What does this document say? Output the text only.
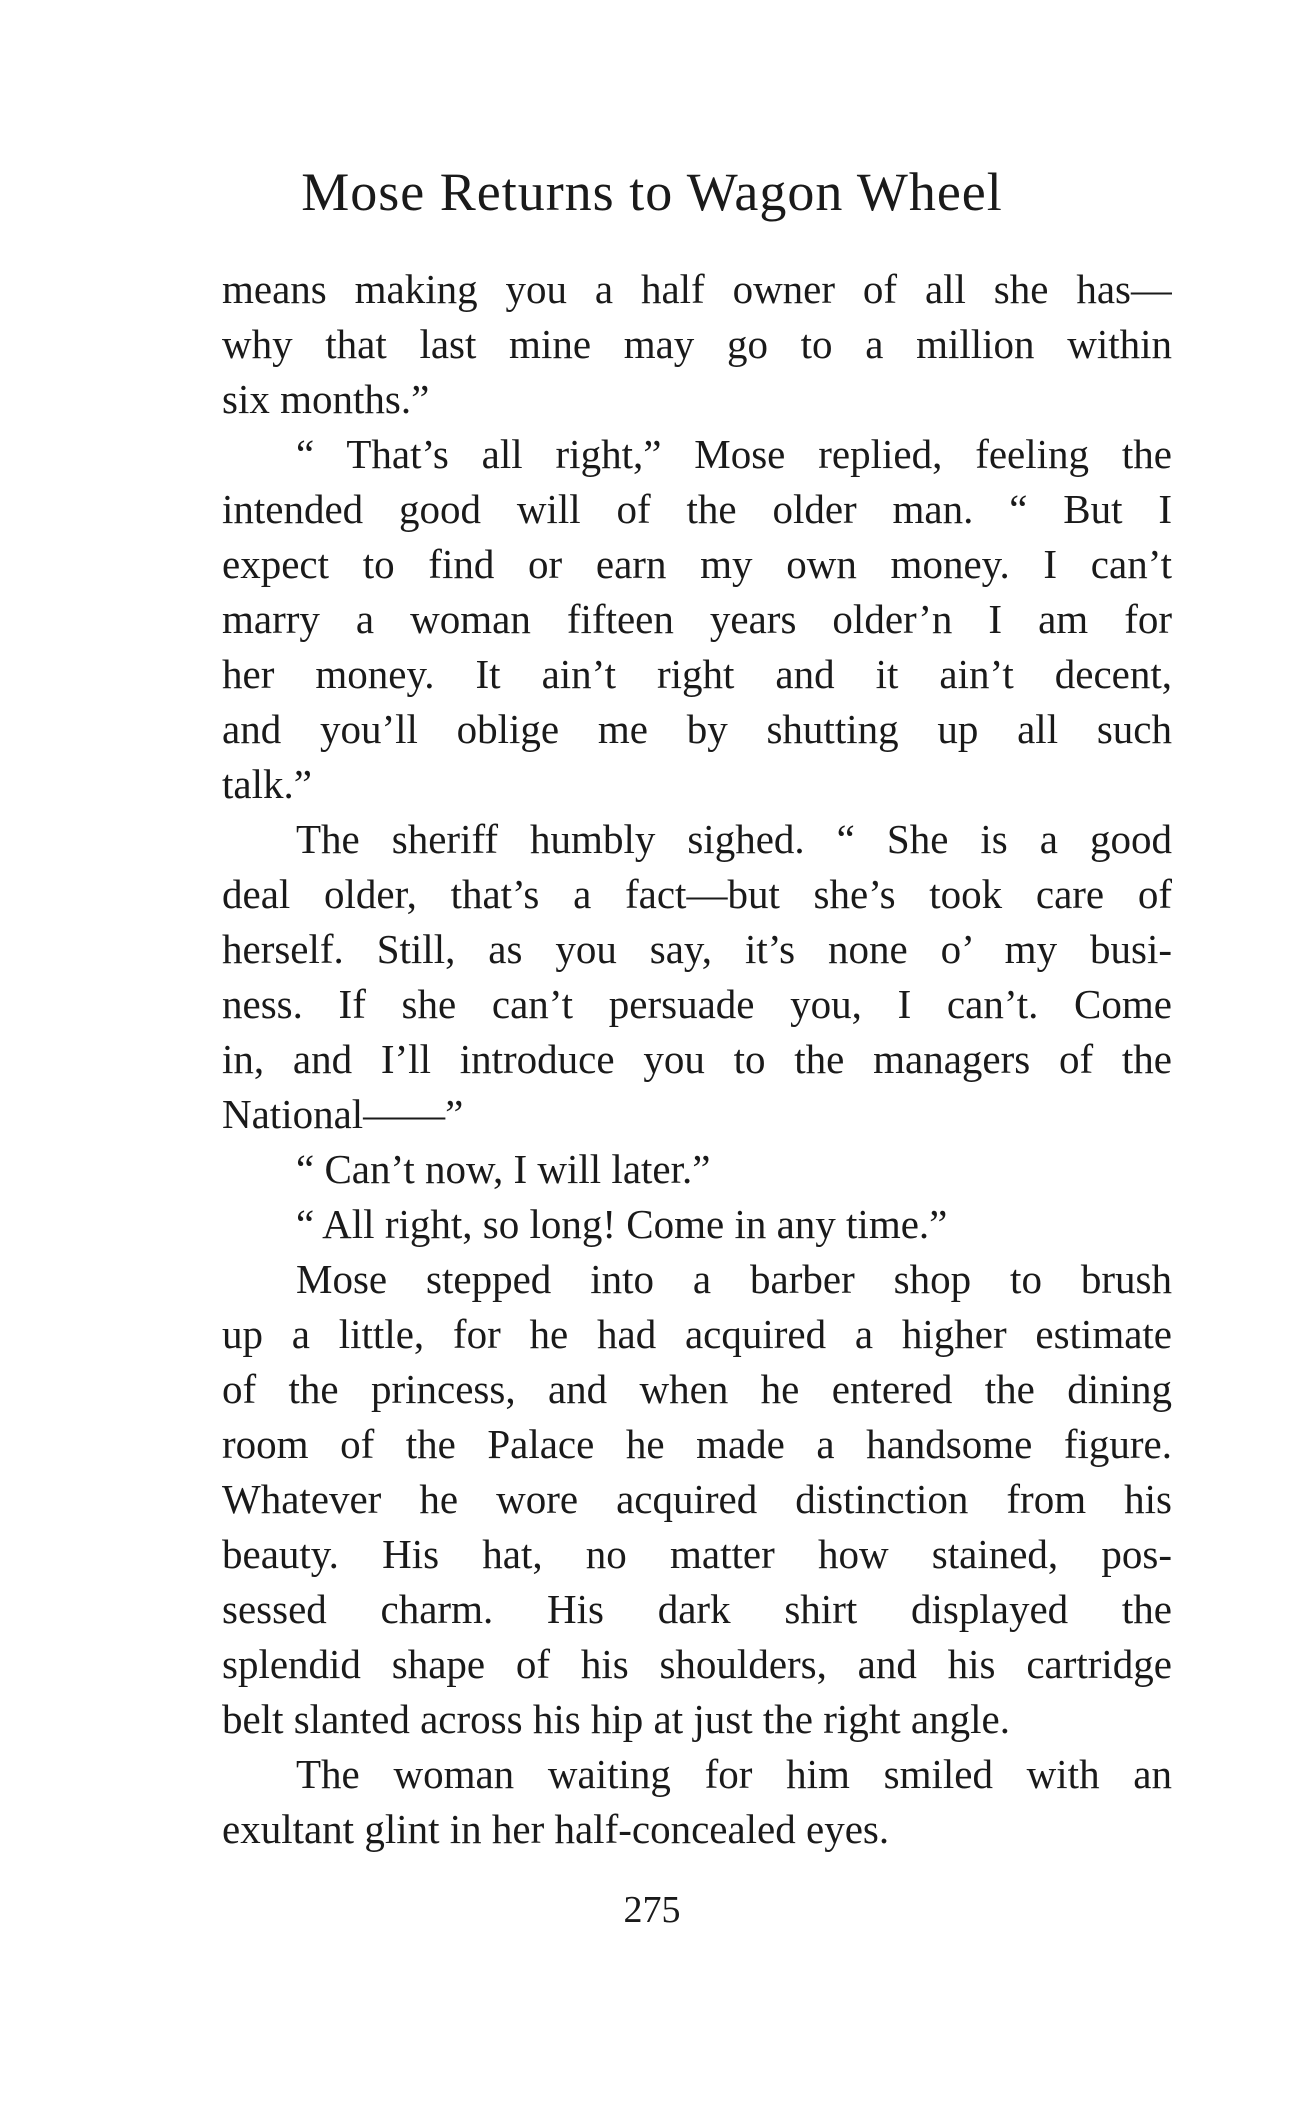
Mose Returns to Wagon Wheel
means making you a half owner of all she has—
why that last mine may go to a million within
six months.”
“ That’s all right,” Mose replied, feeling the
intended good will of the older man. “ But I
expect to find or earn my own money. I can’t
marry a woman fifteen years older’n I am for
her money. It ain’t right and it ain’t decent,
and you’ll oblige me by shutting up all such
talk.”
The sheriff humbly sighed. “ She is a good
deal older, that’s a fact—but she’s took care of
herself. Still, as you say, it’s none o’ my busi-
ness. If she can’t persuade you, I can’t. Come
in, and I’ll introduce you to the managers of the
National——”
“ Can’t now, I will later.”
“ All right, so long! Come in any time.”
Mose stepped into a barber shop to brush
up a little, for he had acquired a higher estimate
of the princess, and when he entered the dining
room of the Palace he made a handsome figure.
Whatever he wore acquired distinction from his
beauty. His hat, no matter how stained, pos-
sessed charm. His dark shirt displayed the
splendid shape of his shoulders, and his cartridge
belt slanted across his hip at just the right angle.
The woman waiting for him smiled with an
exultant glint in her half-concealed eyes.
275
